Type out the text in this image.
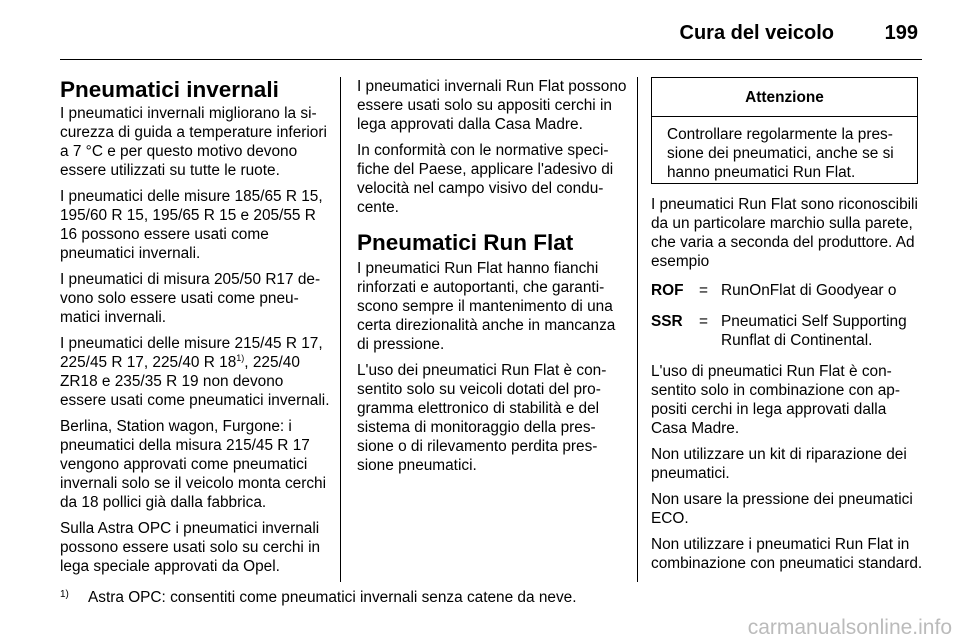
Cura del veicolo	199
Pneumatici invernali

I pneumatici invernali migliorano la sicurezza di guida a temperature inferiori a 7 °C e per questo motivo devono essere utilizzati su tutte le ruote.

I pneumatici delle misure 185/65 R 15, 195/60 R 15, 195/65 R 15 e 205/55 R 16 possono essere usati come pneumatici invernali.

I pneumatici di misura 205/50 R17 devono solo essere usati come pneumatici invernali.

I pneumatici delle misure 215/45 R 17, 225/45 R 17, 225/40 R 18$^{1)}$, 225/40 ZR18 e 235/35 R 19 non devono essere usati come pneumatici invernali.

Berlina, Station wagon, Furgone: i pneumatici della misura 215/45 R 17 vengono approvati come pneumatici invernali solo se il veicolo monta cerchi da 18 pollici già dalla fabbrica.

Sulla Astra OPC i pneumatici invernali possono essere usati solo su cerchi in lega speciale approvati da Opel.

I pneumatici invernali Run Flat possono essere usati solo su appositi cerchi in lega approvati dalla Casa Madre.

In conformità con le normative specifiche del Paese, applicare l'adesivo di velocità nel campo visivo del conducente.

Pneumatici Run Flat

I pneumatici Run Flat hanno fianchi rinforzati e autoportanti, che garantiscono sempre il mantenimento di una certa direzionalità anche in mancanza di pressione.

L'uso dei pneumatici Run Flat è consentito solo su veicoli dotati del programma elettronico di stabilità e del sistema di monitoraggio della pressione o di rilevamento perdita pressione pneumatici.

Attenzione
Controllare regolarmente la pressione dei pneumatici, anche se si hanno pneumatici Run Flat.

I pneumatici Run Flat sono riconoscibili da un particolare marchio sulla parete, che varia a seconda del produttore. Ad esempio

ROF	= RunOnFlat di Goodyear o
SSR	= Pneumatici Self Supporting Runflat di Continental.

L'uso di pneumatici Run Flat è consentito solo in combinazione con appositi cerchi in lega approvati dalla Casa Madre.

Non utilizzare un kit di riparazione dei pneumatici.

Non usare la pressione dei pneumatici ECO.

Non utilizzare i pneumatici Run Flat in combinazione con pneumatici standard.

1) Astra OPC: consentiti come pneumatici invernali senza catene da neve.
carmanualsonline.info
